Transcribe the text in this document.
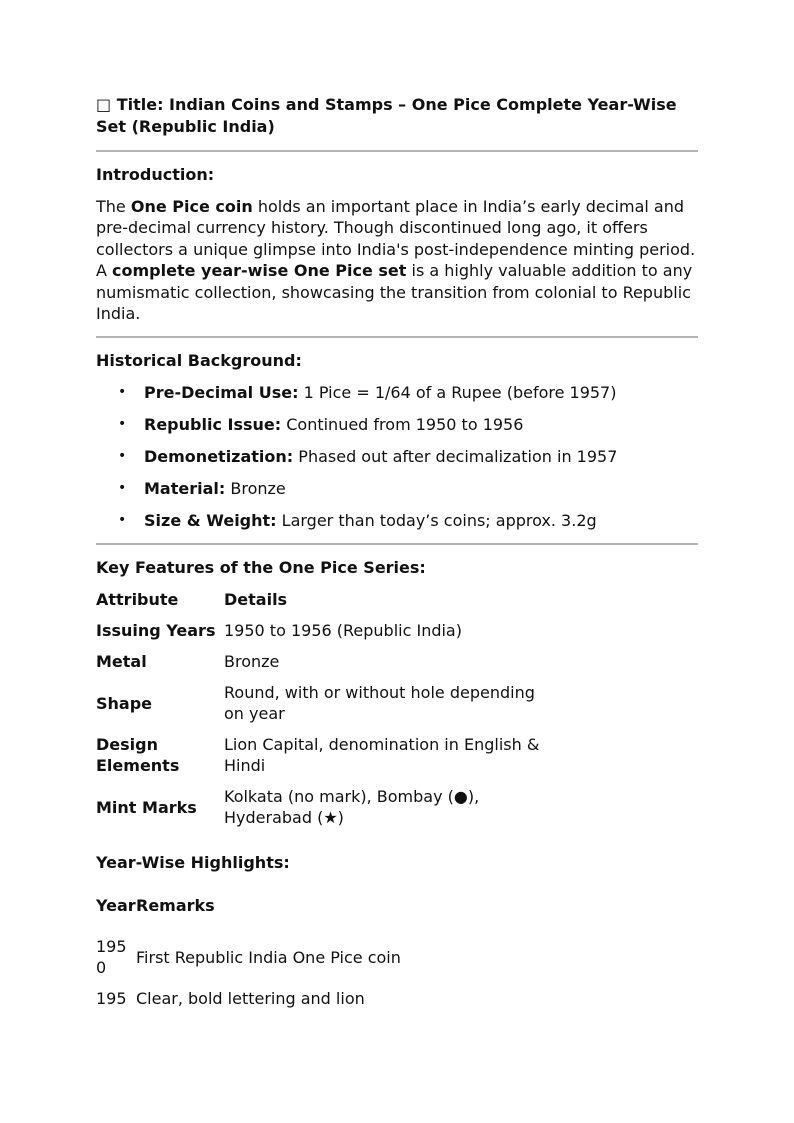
□ Title: Indian Coins and Stamps – One Pice Complete Year-Wise Set (Republic India)

Introduction:

The One Pice coin holds an important place in India’s early decimal and pre-decimal currency history. Though discontinued long ago, it offers collectors a unique glimpse into India's post-independence minting period. A complete year-wise One Pice set is a highly valuable addition to any numismatic collection, showcasing the transition from colonial to Republic India.

Historical Background:

• Pre-Decimal Use: 1 Pice = 1/64 of a Rupee (before 1957)
• Republic Issue: Continued from 1950 to 1956
• Demonetization: Phased out after decimalization in 1957
• Material: Bronze
• Size & Weight: Larger than today’s coins; approx. 3.2g

Key Features of the One Pice Series:

Attribute	Details
Issuing Years	1950 to 1956 (Republic India)
Metal	Bronze
Shape	Round, with or without hole depending on year
Design Elements	Lion Capital, denomination in English & Hindi
Mint Marks	Kolkata (no mark), Bombay (●), Hyderabad (★)

Year-Wise Highlights:

Year	Remarks
1950	First Republic India One Pice coin
195	Clear, bold lettering and lion
